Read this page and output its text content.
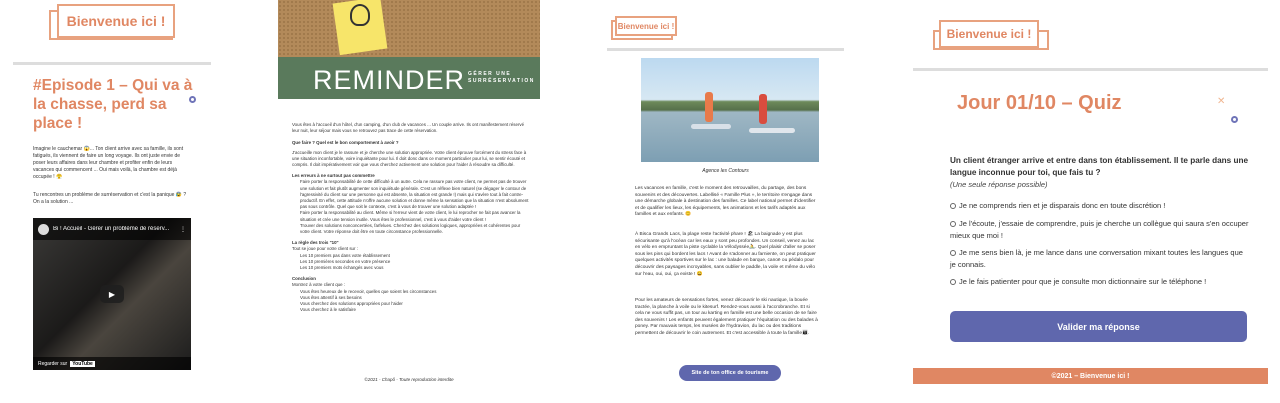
Bienvenue ici !
#Episode 1 – Qui va à la chasse, perd sa place !
Imagine le cauchemar 😱... Ton client arrive avec sa famille, ils sont fatigués, ils viennent de faire un long voyage. Ils ont juste envie de poser leurs affaires dans leur chambre et profiter enfin de leurs vacances qui commencent ... Oui mais voilà, la chambre est déjà occupée ! 😤
Tu rencontres un problème de surréservation et c'est la panique 😰 ? On a la solution ...
Bi ! Accueil - Gérer un problème de réserv...	⋮
▶
Regarder sur	YouTube
REMINDER GÉRER UNE SURRÉSERVATION
Vous êtes à l'accueil d'un hôtel, d'un camping, d'un club de vacances ... Un couple arrive. Ils ont manifestement réservé leur nuit, leur séjour mais vous ne retrouvez pas trace de cette réservation.
Que faire ? Quel est le bon comportement à avoir ?
J'accueille mon client je le rassure et je cherche une solution appropriée. Votre client éprouve forcément du stress face à une situation inconfortable, voire inquiétante pour lui. Il doit donc dans ce moment particulier pour lui, se sentir écouté et compris. Il doit impérativement voir que vous cherchez activement une solution pour l'aider à résoudre sa difficulté.
Les erreurs à ne surtout pas commettre
Faire porter la responsabilité de cette difficulté à un autre. Cela ne rassure pas votre client, ne permet pas de trouver une solution et fait plutôt augmenter son inquiétude générale. C'est un réflexe bien naturel (se dégager le contour de l'agressivité du client sur une personne qui est absente, la situation est grande !) mais qui s'avère tout à fait contre-productif. En effet, cette attitude n'offre aucune solution et donne même la sensation que la situation n'est absolument pas sous contrôle. Quel que soit le contexte, c'est à vous de trouver une solution adaptée !
Faire porter la responsabilité au client. Même si l'erreur vient de votre client, le lui reprocher ne fait pas avancer la situation et crée une tension inutile. Vous êtes le professionnel, c'est à vous d'aider votre client !
Trouver des solutions nonconcertées, farfelues. Cherchez des solutions logiques, appropriées et cohérentes pour votre client. Votre réponse doit être en toute circonstance professionnelle.
La règle des trois "10"
Tout se joue pour votre client sur :
Les 10 premiers pas dans votre établissement
Les 10 premières secondes en votre présence
Les 10 premiers mots échangés avec vous
Conclusion
Montrez à votre client que :
Vous êtes heureux de le recevoir, quelles que soient les circonstances
Vous êtes attentif à ses besoins
Vous cherchez des solutions appropriées pour l'aider
Vous cherchez à le satisfaire
©2021 - Chapô - Toute reproduction interdite
Bienvenue ici !
Agence les Contours
Les vacances en famille, c'est le moment des retrouvailles, du partage, des bons souvenirs et des découvertes. Labellisé « Famille Plus », le territoire s'engage dans une démarche globale à destination des familles. Ce label national permet d'identifier et de qualifier les lieux, les équipements, les animations et les tarifs adaptés aux familles et aux enfants. 😊
À Bisca Grands Lacs, la plage reste l'activité phare ! 🏖 La baignade y est plus sécurisante qu'à l'océan car les eaux y sont peu profondes. Un conseil, venez au lac en vélo en empruntant la piste cyclable la Vélodyssée🚴. Quel plaisir d'aller se poser sous les pins qui bordent les lacs ! Avant de s'adonner au farniente, on peut pratiquer quelques activités sportives sur le lac : une balade en barque, canoë ou pédalo pour découvrir des paysages incroyables, sans oublier le paddle, la voile et même du vélo sur l'eau, oui, oui, ça existe ! 😄
Pour les amateurs de sensations fortes, venez découvrir le ski nautique, la bouée tractée, la planche à voile ou le kitesurf. Rendez-vous aussi à l'accrobranche. Et si cela ne vous suffit pas, un tour au karting en famille est une belle occasion de se faire des souvenirs ! Les enfants peuvent également pratiquer l'équitation ou des balades à poney. Par mauvais temps, les musées de l'hydravion, du lac ou des traditions permettent de découvrir le coin autrement. Et c'est accessible à toute la famille👨‍👩‍👧.
Site de ton office de tourisme
Bienvenue ici !
Jour 01/10 – Quiz	✕
Un client étranger arrive et entre dans ton établissement. Il te parle dans une langue inconnue pour toi, que fais tu ?
(Une seule réponse possible)
Je ne comprends rien et je disparais donc en toute discrétion !
Je l'écoute, j'essaie de comprendre, puis je cherche un collègue qui saura s'en occuper mieux que moi !
Je me sens bien là, je me lance dans une conversation mixant toutes les langues que je connais.
Je le fais patienter pour que je consulte mon dictionnaire sur le téléphone !
Valider ma réponse
©2021 – Bienvenue ici !
